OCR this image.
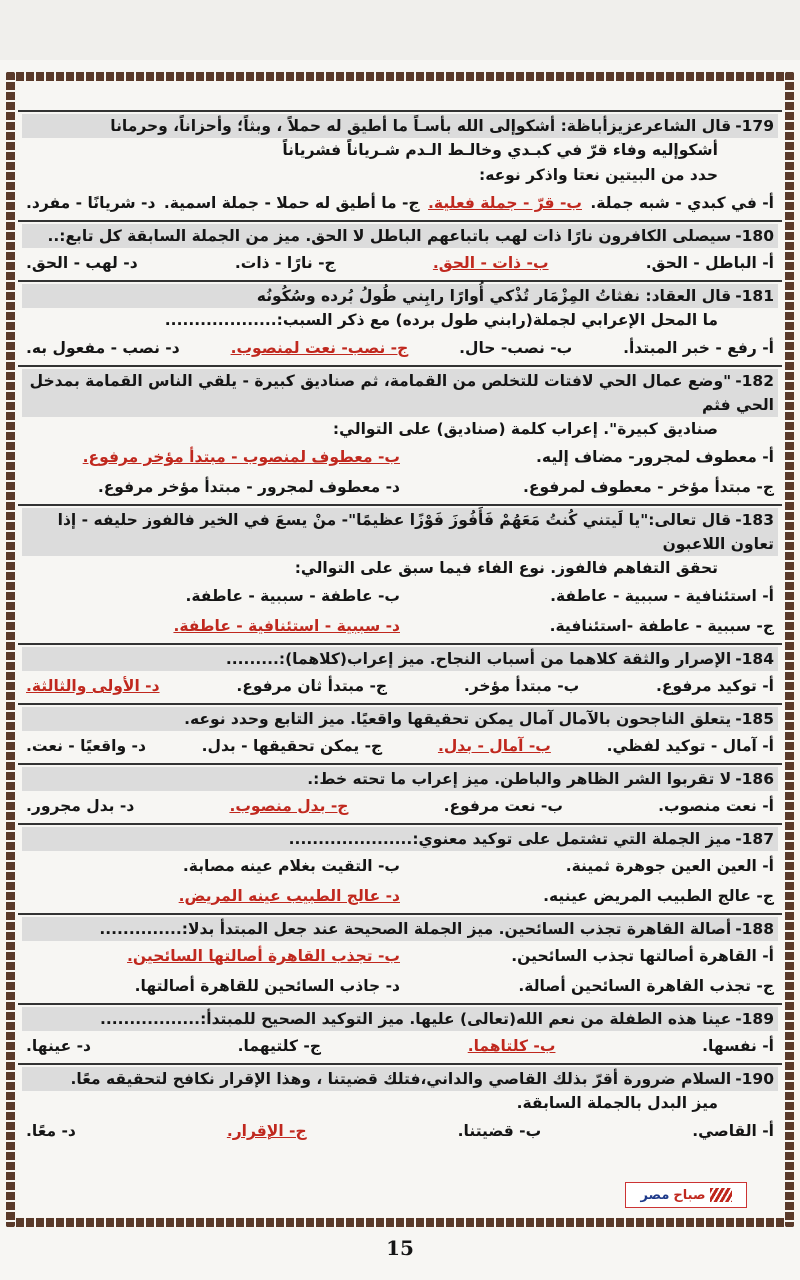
179-قال الشاعرعزيزأباظة: أشكوإلى الله بأسـاً ما أطيق له حملاً ، وبثاً؛ وأحزاناً، وحرمانا
أشكوإليه وفاء قرّ في كبـدي وخالـط الـدم شـرياناً فشرياناً
حدد من البيتين نعتا واذكر نوعه:
أ- في كبدي - شبه جملة.
ب- قرّ - جملة فعلية.
ج- ما أطيق له حملا - جملة اسمية.
د- شريانًا - مفرد.
180-سيصلى الكافرون نارًا ذات لهب باتباعهم الباطل لا الحق. ميز من الجملة السابقة كل تابع:..
أ- الباطل - الحق.
ب- ذات - الحق.
ج- نارًا - ذات.
د- لهب - الحق.
181-قال العقاد: نفثاتُ المِزْمَار تُذْكي أُوارًا رابِني طُولُ بُرده وسُكُونُه
ما المحل الإعرابي لجملة(رابني طول برده) مع ذكر السبب:...................
أ- رفع - خبر المبتدأ.
ب- نصب- حال.
ج- نصب- نعت لمنصوب.
د- نصب - مفعول به.
182-"وضع عمال الحي لافتات للتخلص من القمامة، ثم صناديق كبيرة - يلقي الناس القمامة بمدخل الحي فثم
صناديق كبيرة". إعراب كلمة (صناديق) على التوالي:
أ- معطوف لمجرور- مضاف إليه.
ب- معطوف لمنصوب - مبتدأ مؤخر مرفوع.
ج- مبتدأ مؤخر - معطوف لمرفوع.
د- معطوف لمجرور - مبتدأ مؤخر مرفوع.
183-قال تعالى:"يا لَيتني كُنتُ مَعَهُمْ فَأَفُوزَ فَوْزًا عظيمًا"- منْ يسعَ في الخير فالفوز حليفه - إذا تعاون اللاعبون
تحقق التفاهم فالفوز. نوع الفاء فيما سبق على التوالي:
أ- استئنافية - سببية - عاطفة.
ب- عاطفة - سببية - عاطفة.
ج- سببية - عاطفة -استئنافية.
د- سببية - استئنافية - عاطفة.
184-الإصرار والثقة كلاهما من أسباب النجاح. ميز إعراب(كلاهما):.........
أ- توكيد مرفوع.
ب- مبتدأ مؤخر.
ج- مبتدأ ثان مرفوع.
د- الأولى والثالثة.
185-يتعلق الناجحون بالآمال آمال يمكن تحقيقها واقعيًا. ميز التابع وحدد نوعه.
أ- آمال - توكيد لفظي.
ب- آمال - بدل.
ج- يمكن تحقيقها - بدل.
د- واقعيًا - نعت.
186-لا تقربوا الشر الظاهر والباطن. ميز إعراب ما تحته خط:.
أ- نعت منصوب.
ب- نعت مرفوع.
ج- بدل منصوب.
د- بدل مجرور.
187-ميز الجملة التي تشتمل على توكيد معنوي:.....................
أ- العين العين جوهرة ثمينة.
ب- التقيت بغلام عينه مصابة.
ج- عالج الطبيب المريض عينيه.
د- عالج الطبيب عينه المريض.
188-أصالة القاهرة تجذب السائحين. ميز الجملة الصحيحة عند جعل المبتدأ بدلا:..............
أ- القاهرة أصالتها تجذب السائحين.
ب- تجذب القاهرة أصالتها السائحين.
ج- تجذب القاهرة السائحين أصالة.
د- جاذب السائحين للقاهرة أصالتها.
189-عينا هذه الطفلة من نعم الله(تعالى) عليها. ميز التوكيد الصحيح للمبتدأ:.................
أ- نفسها.
ب- كلتاهما.
ج- كلتيهما.
د- عينها.
190-السلام ضرورة أقرّ بذلك القاصي والداني،فتلك قضيتنا ، وهذا الإقرار نكافح لتحقيقه معًا.
ميز البدل بالجملة السابقة.
أ- القاصي.
ب- قضيتنا.
ج- الإقرار.
د- معًا.
صباح
مصر
15
